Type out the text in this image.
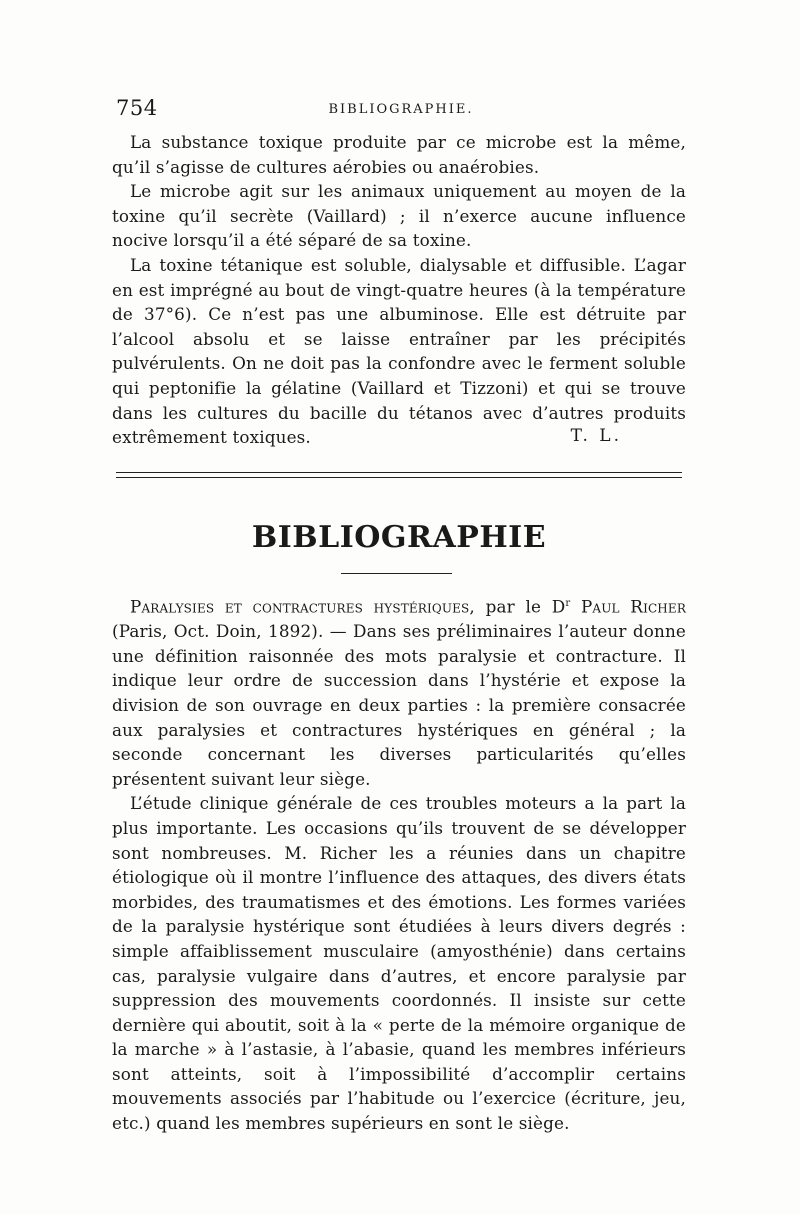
754	BIBLIOGRAPHIE.

La substance toxique produite par ce microbe est la même, qu’il s’agisse de cultures aérobies ou anaérobies.

Le microbe agit sur les animaux uniquement au moyen de la toxine qu’il secrète (Vaillard) ; il n’exerce aucune influence nocive lorsqu’il a été séparé de sa toxine.

La toxine tétanique est soluble, dialysable et diffusible. L’agar en est imprégné au bout de vingt-quatre heures (à la température de 37°6). Ce n’est pas une albuminose. Elle est détruite par l’alcool absolu et se laisse entraîner par les précipités pulvérulents. On ne doit pas la confondre avec le ferment soluble qui peptonifie la gélatine (Vaillard et Tizzoni) et qui se trouve dans les cultures du bacille du tétanos avec d’autres produits extrêmement toxiques.	T. L.
BIBLIOGRAPHIE

Paralysies et contractures hystériques, par le $D^r$ Paul Richer (Paris, Oct. Doin, 1892). — Dans ses préliminaires l’auteur donne une définition raisonnée des mots paralysie et contracture. Il indique leur ordre de succession dans l’hystérie et expose la division de son ouvrage en deux parties : la première consacrée aux paralysies et contractures hystériques en général ; la seconde concernant les diverses particularités qu’elles présentent suivant leur siège.

L’étude clinique générale de ces troubles moteurs a la part la plus importante. Les occasions qu’ils trouvent de se développer sont nombreuses. M. Richer les a réunies dans un chapitre étiologique où il montre l’influence des attaques, des divers états morbides, des traumatismes et des émotions. Les formes variées de la paralysie hystérique sont étudiées à leurs divers degrés : simple affaiblissement musculaire (amyosthénie) dans certains cas, paralysie vulgaire dans d’autres, et encore paralysie par suppression des mouvements coordonnés. Il insiste sur cette dernière qui aboutit, soit à la « perte de la mémoire organique de la marche » à l’astasie, à l’abasie, quand les membres inférieurs sont atteints, soit à l’impossibilité d’accomplir certains mouvements associés par l’habitude ou l’exercice (écriture, jeu, etc.) quand les membres supérieurs en sont le siège.
